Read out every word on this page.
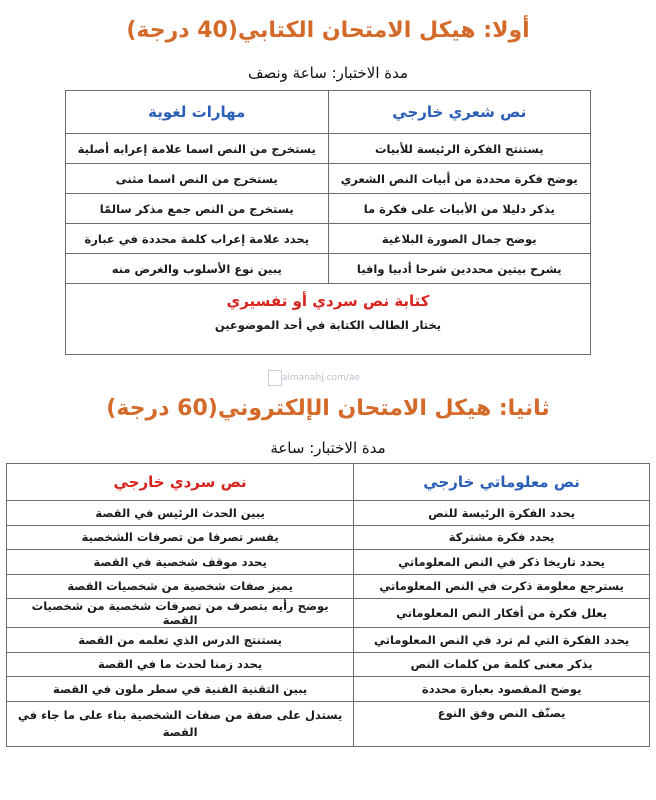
أولا: هيكل الامتحان الكتابي(40 درجة)
مدة الاختبار: ساعة ونصف
نص شعري خارجي	مهارات لغوية
يستنتج الفكرة الرئيسة للأبيات	يستخرج من النص اسما علامة إعرابه أصلية
يوضح فكرة محددة من أبيات النص الشعري	يستخرج من النص اسما مثنى
يذكر دليلا من الأبيات على فكرة ما	يستخرج من النص جمع مذكر سالمًا
يوضح جمال الصورة البلاغية	يحدد علامة إعراب كلمة محددة في عبارة
يشرح بيتين محددين شرحا أدبيا وافيا	يبين نوع الأسلوب والغرض منه

كتابة نص سردي أو تفسيري
يختار الطالب الكتابة في أحد الموضوعين	
almanahj.com/ae
ثانيا: هيكل الامتحان الإلكتروني(60 درجة)
مدة الاختبار: ساعة
نص معلوماتي خارجي	نص سردي خارجي
يحدد الفكرة الرئيسة للنص	يبين الحدث الرئيس في القصة
يحدد فكرة مشتركة	يفسر تصرفا من تصرفات الشخصية
يحدد تاريخا ذكر في النص المعلوماتي	يحدد موقف شخصية في القصة
يسترجع معلومة ذكرت في النص المعلوماتي	يميز صفات شخصية من شخصيات القصة
يعلل فكرة من أفكار النص المعلوماتي	يوضح رأيه بتصرف من تصرفات شخصية من شخصيات القصة
يحدد الفكرة التي لم ترد في النص المعلوماتي	يستنتج الدرس الذي تعلمه من القصة
يذكر معنى كلمة من كلمات النص	يحدد زمنا لحدث ما في القصة
يوضح المقصود بعبارة محددة	يبين التقنية الفنية في سطر ملون في القصة
يصنّف النص وفق النوع	يستدل على صفة من صفات الشخصية بناء على ما جاء في القصة
